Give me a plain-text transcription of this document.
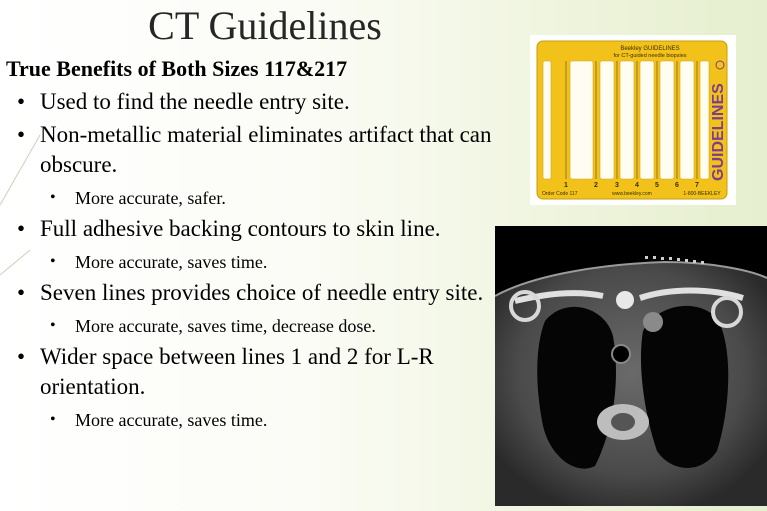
CT Guidelines
True Benefits of Both Sizes 117&217
• Used to find the needle entry site.
• Non-metallic material eliminates artifact that can obscure.
• More accurate, safer.
• Full adhesive backing contours to skin line.
• More accurate, saves time.
• Seven lines provides choice of needle entry site.
• More accurate, saves time, decrease dose.
• Wider space between lines 1 and 2 for L-R orientation.
• More accurate, saves time.
Beekley GUIDELINES
for CT-guided needle biopsies
1	2 3 4 5 6 7
Order Code 117	www.beekley.com	1-800-BEEKLEY
GUIDELINES
